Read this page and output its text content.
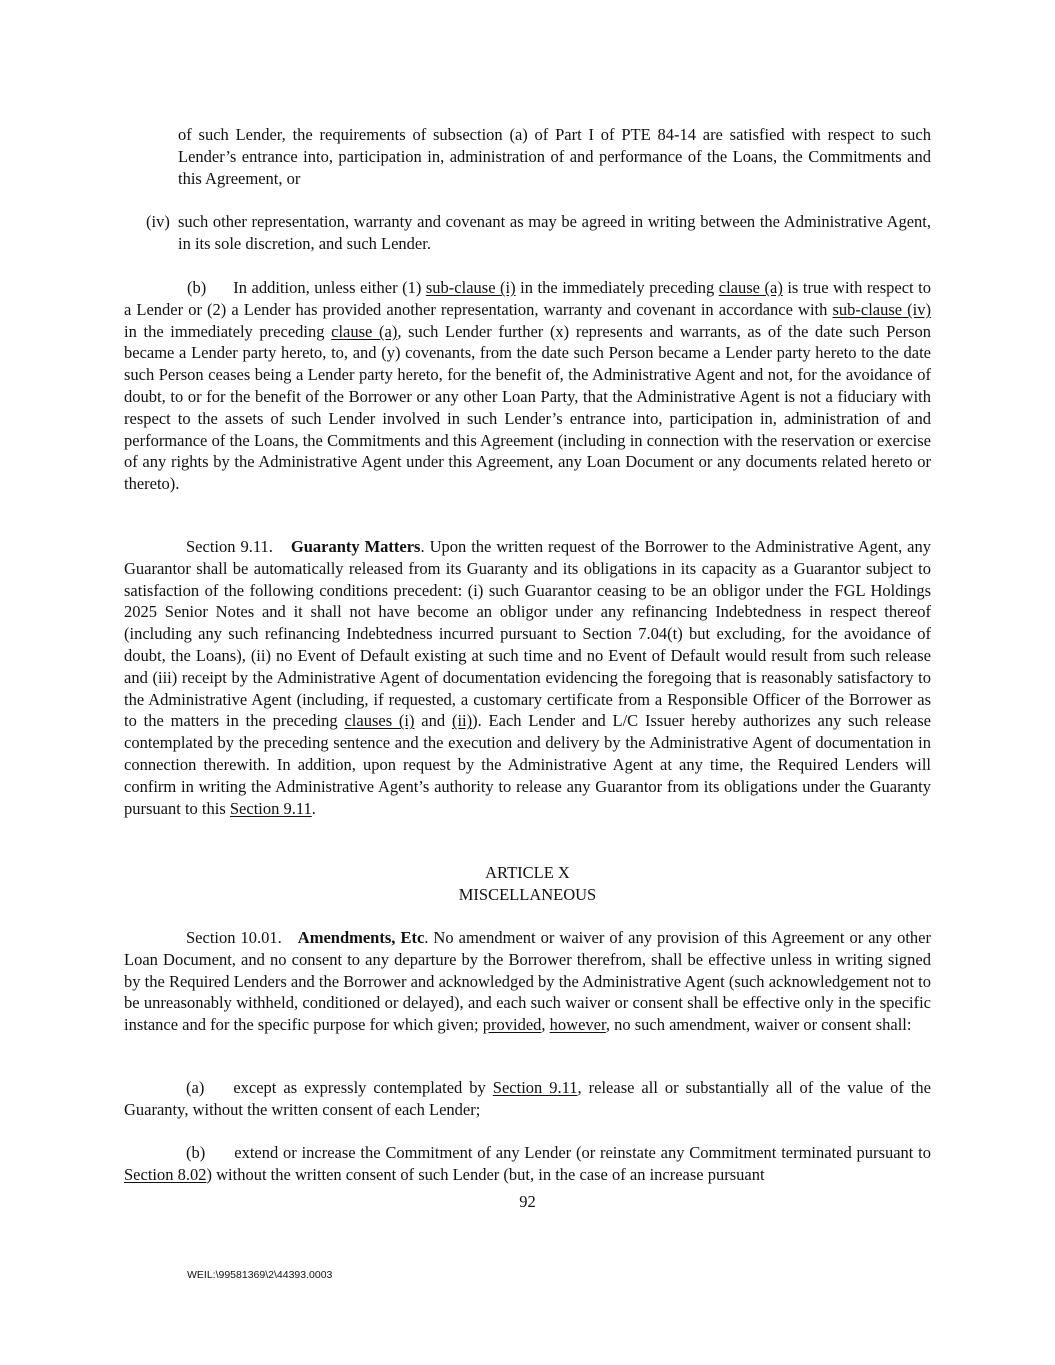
of such Lender, the requirements of subsection (a) of Part I of PTE 84-14 are satisfied with respect to such Lender’s entrance into, participation in, administration of and performance of the Loans, the Commitments and this Agreement, or

(iv) such other representation, warranty and covenant as may be agreed in writing between the Administrative Agent, in its sole discretion, and such Lender.

(b) In addition, unless either (1) sub-clause (i) in the immediately preceding clause (a) is true with respect to a Lender or (2) a Lender has provided another representation, warranty and covenant in accordance with sub-clause (iv) in the immediately preceding clause (a), such Lender further (x) represents and warrants, as of the date such Person became a Lender party hereto, to, and (y) covenants, from the date such Person became a Lender party hereto to the date such Person ceases being a Lender party hereto, for the benefit of, the Administrative Agent and not, for the avoidance of doubt, to or for the benefit of the Borrower or any other Loan Party, that the Administrative Agent is not a fiduciary with respect to the assets of such Lender involved in such Lender’s entrance into, participation in, administration of and performance of the Loans, the Commitments and this Agreement (including in connection with the reservation or exercise of any rights by the Administrative Agent under this Agreement, any Loan Document or any documents related hereto or thereto).

Section 9.11. Guaranty Matters. Upon the written request of the Borrower to the Administrative Agent, any Guarantor shall be automatically released from its Guaranty and its obligations in its capacity as a Guarantor subject to satisfaction of the following conditions precedent: (i) such Guarantor ceasing to be an obligor under the FGL Holdings 2025 Senior Notes and it shall not have become an obligor under any refinancing Indebtedness in respect thereof (including any such refinancing Indebtedness incurred pursuant to Section 7.04(t) but excluding, for the avoidance of doubt, the Loans), (ii) no Event of Default existing at such time and no Event of Default would result from such release and (iii) receipt by the Administrative Agent of documentation evidencing the foregoing that is reasonably satisfactory to the Administrative Agent (including, if requested, a customary certificate from a Responsible Officer of the Borrower as to the matters in the preceding clauses (i) and (ii)). Each Lender and L/C Issuer hereby authorizes any such release contemplated by the preceding sentence and the execution and delivery by the Administrative Agent of documentation in connection therewith. In addition, upon request by the Administrative Agent at any time, the Required Lenders will confirm in writing the Administrative Agent’s authority to release any Guarantor from its obligations under the Guaranty pursuant to this Section 9.11.

ARTICLE X

MISCELLANEOUS

Section 10.01. Amendments, Etc. No amendment or waiver of any provision of this Agreement or any other Loan Document, and no consent to any departure by the Borrower therefrom, shall be effective unless in writing signed by the Required Lenders and the Borrower and acknowledged by the Administrative Agent (such acknowledgement not to be unreasonably withheld, conditioned or delayed), and each such waiver or consent shall be effective only in the specific instance and for the specific purpose for which given; provided, however, no such amendment, waiver or consent shall:

(a) except as expressly contemplated by Section 9.11, release all or substantially all of the value of the Guaranty, without the written consent of each Lender;

(b) extend or increase the Commitment of any Lender (or reinstate any Commitment terminated pursuant to Section 8.02) without the written consent of such Lender (but, in the case of an increase pursuant

92
WEIL:\99581369\2\44393.0003
